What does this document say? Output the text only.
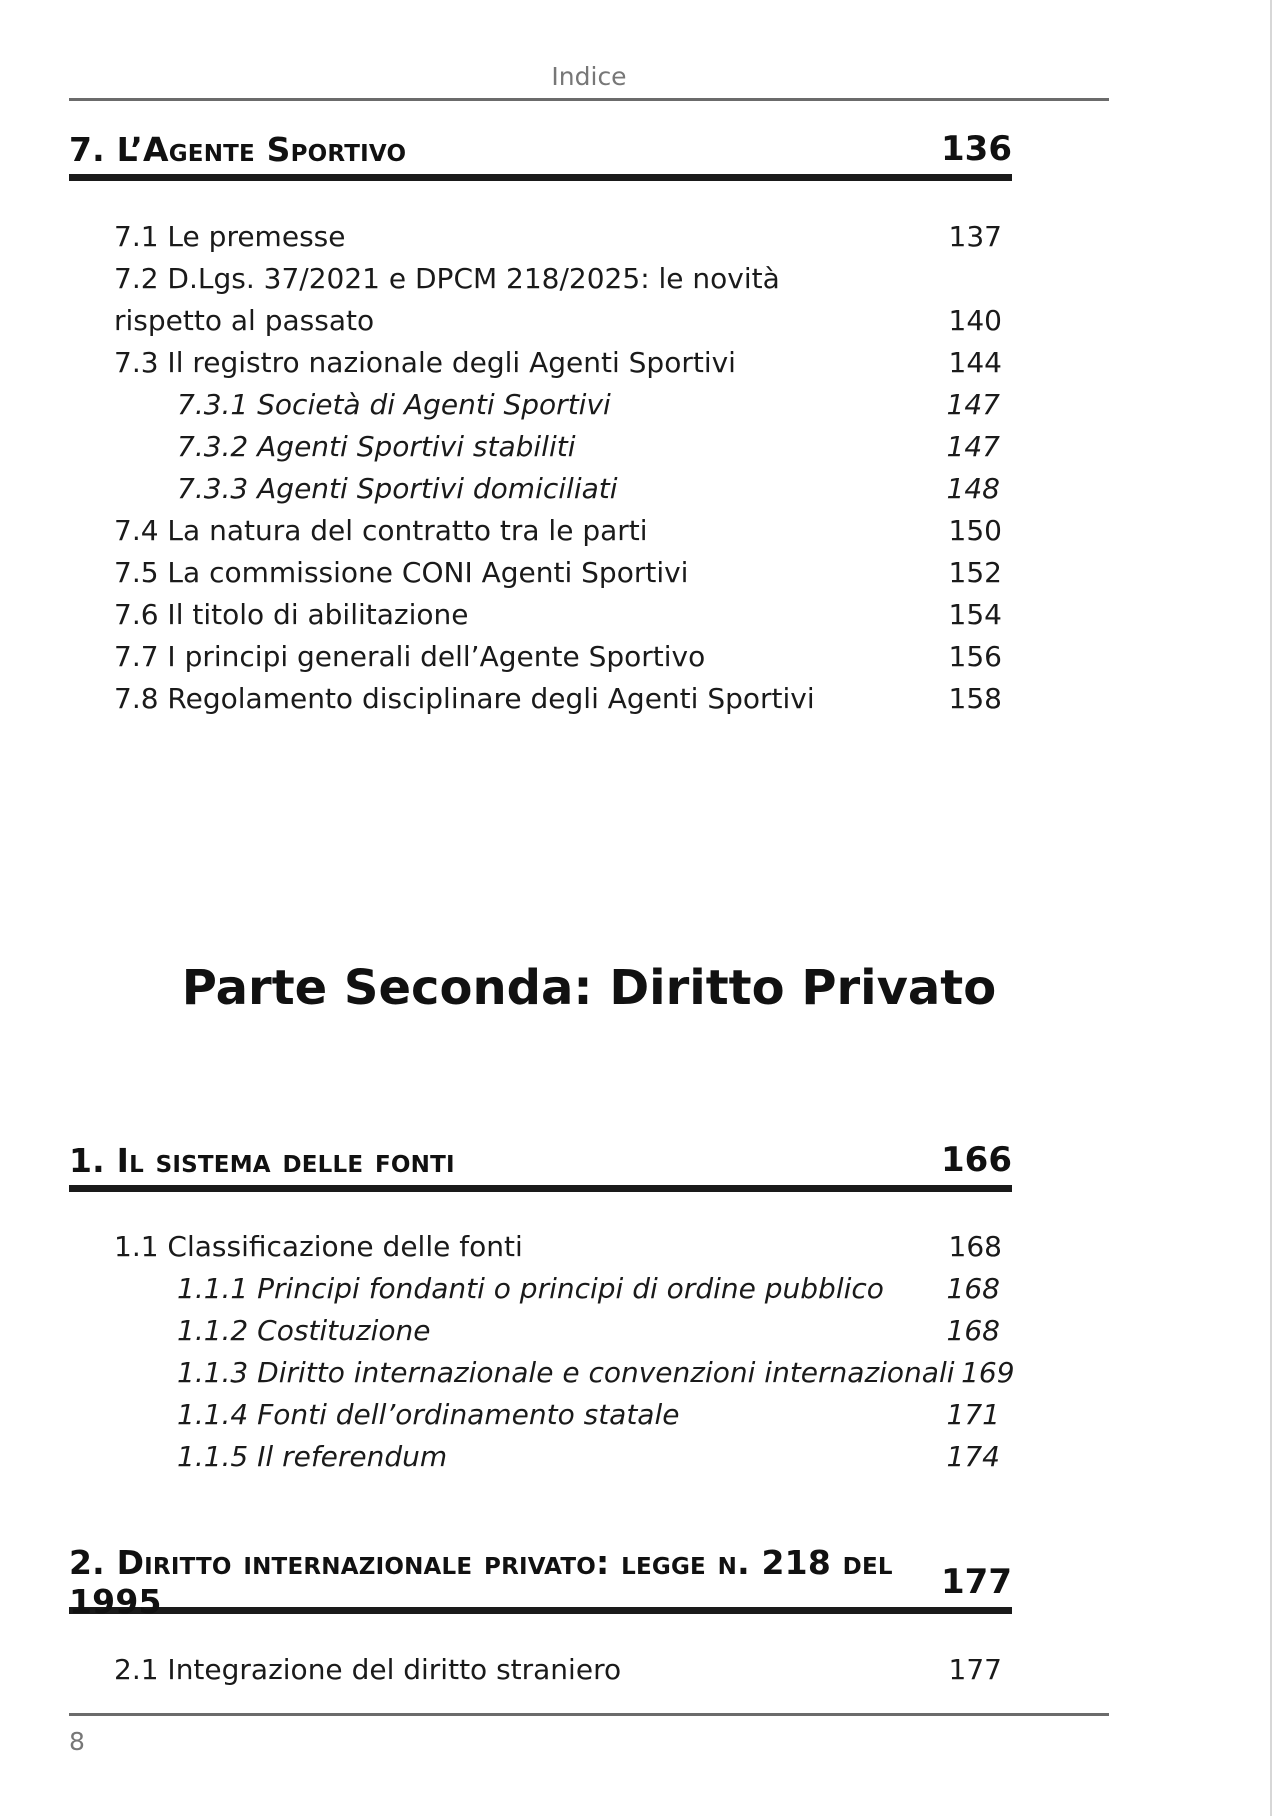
Indice
7. L’Agente Sportivo	136
7.1 Le premesse	137
7.2 D.Lgs. 37/2021 e DPCM 218/2025: le novità
rispetto al passato	140
7.3 Il registro nazionale degli Agenti Sportivi	144
7.3.1 Società di Agenti Sportivi	147
7.3.2 Agenti Sportivi stabiliti	147
7.3.3 Agenti Sportivi domiciliati	148
7.4 La natura del contratto tra le parti	150
7.5 La commissione CONI Agenti Sportivi	152
7.6 Il titolo di abilitazione	154
7.7 I principi generali dell’Agente Sportivo	156
7.8 Regolamento disciplinare degli Agenti Sportivi	158
Parte Seconda: Diritto Privato
1. Il sistema delle fonti	166
1.1 Classificazione delle fonti	168
1.1.1 Principi fondanti o principi di ordine pubblico 168
1.1.2 Costituzione	168
1.1.3 Diritto internazionale e convenzioni internazionali 169
1.1.4 Fonti dell’ordinamento statale	171
1.1.5 Il referendum	174
2. Diritto internazionale privato: legge n. 218 del 1995	177
2.1 Integrazione del diritto straniero	177
8
